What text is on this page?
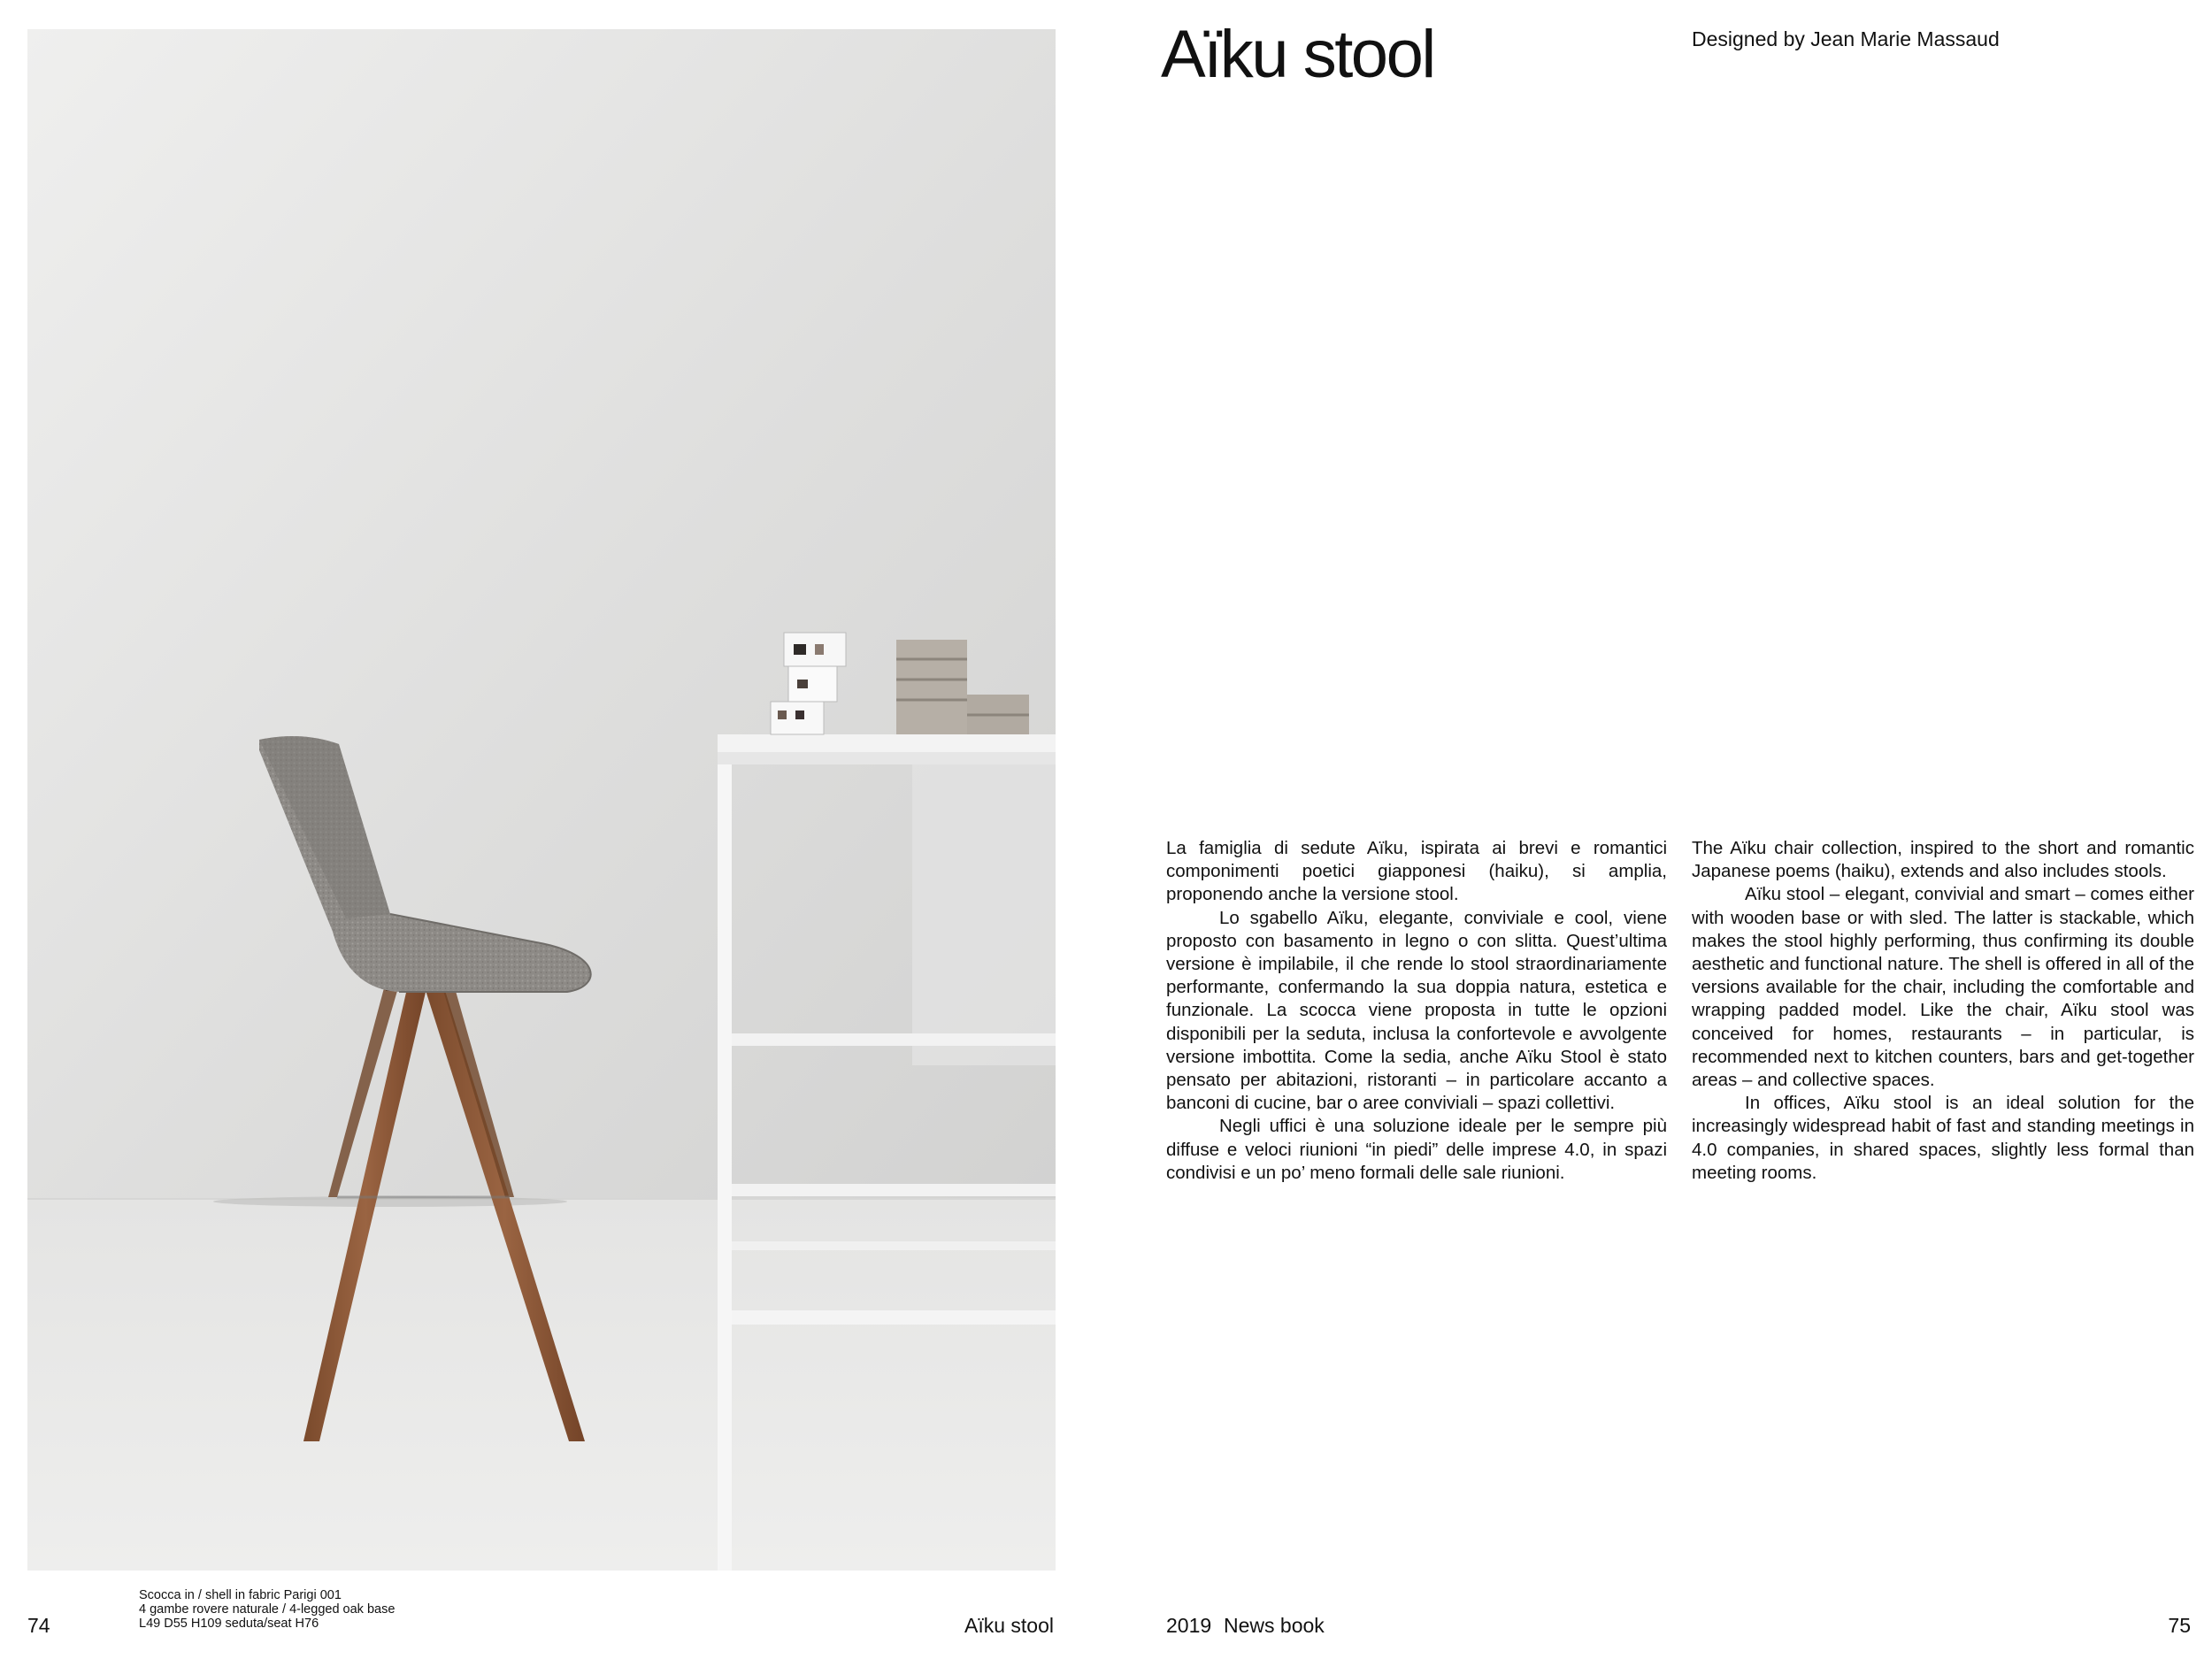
Scocca in / shell in fabric Parigi 001
4 gambe rovere naturale / 4-legged oak base
L49 D55 H109 seduta/seat H76
74	Aïku stool
Aïku stool	Designed by Jean Marie Massaud

La famiglia di sedute Aïku, ispirata ai brevi e romantici componimenti poetici giapponesi (haiku), si amplia, proponendo anche la versione stool.

Lo sgabello Aïku, elegante, conviviale e cool, viene proposto con basamento in legno o con slitta. Quest’ultima versione è impilabile, il che rende lo stool straordinariamente performante, confermando la sua doppia natura, estetica e funzionale. La scocca viene proposta in tutte le opzioni disponibili per la seduta, inclusa la confortevole e avvolgente versione imbottita. Come la sedia, anche Aïku Stool è stato pensato per abitazioni, ristoranti – in particolare accanto a banconi di cucine, bar o aree conviviali – spazi collettivi.

Negli uffici è una soluzione ideale per le sempre più diffuse e veloci riunioni “in piedi” delle imprese 4.0, in spazi condivisi e un po’ meno formali delle sale riunioni.

The Aïku chair collection, inspired to the short and romantic Japanese poems (haiku), extends and also includes stools.

Aïku stool – elegant, convivial and smart – comes either with wooden base or with sled. The latter is stackable, which makes the stool highly performing, thus confirming its double aesthetic and functional nature. The shell is offered in all of the versions available for the chair, including the comfortable and wrapping padded model. Like the chair, Aïku stool was conceived for homes, restaurants – in particular, is recommended next to kitchen counters, bars and get-together areas – and collective spaces.

In offices, Aïku stool is an ideal solution for the increasingly widespread habit of fast and standing meetings in 4.0 companies, in shared spaces, slightly less formal than meeting rooms.

2019 News book	75
